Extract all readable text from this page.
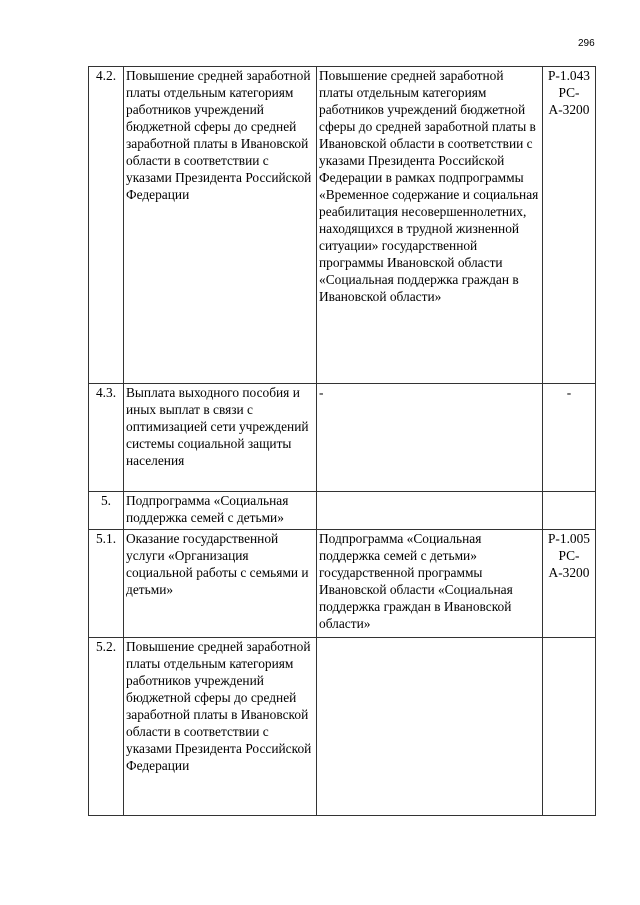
296
4.2.	Повышение средней заработной платы отдельным категориям работников учреждений бюджетной сферы до средней заработной платы в Ивановской области в соответствии с указами Президента Российской Федерации	Повышение средней заработной платы отдельным категориям работников учреждений бюджетной сферы до средней заработной платы в Ивановской области в соответствии с указами Президента Российской Федерации в рамках подпрограммы «Временное содержание и социальная реабилитация несовершеннолетних, находящихся в трудной жизненной ситуации» государственной программы Ивановской области «Социальная поддержка граждан в Ивановской области»	Р-1.043 РС-А-3200
4.3.	Выплата выходного пособия и иных выплат в связи с оптимизацией сети учреждений системы социальной защиты населения	-	-
5.	Подпрограмма «Социальная поддержка семей с детьми»		
5.1.	Оказание государственной услуги «Организация социальной работы с семьями и детьми»	Подпрограмма «Социальная поддержка семей с детьми» государственной программы Ивановской области «Социальная поддержка граждан в Ивановской области»	Р-1.005 РС-А-3200
5.2.	Повышение средней заработной платы отдельным категориям работников учреждений бюджетной сферы до средней заработной платы в Ивановской области в соответствии с указами Президента Российской Федерации		
